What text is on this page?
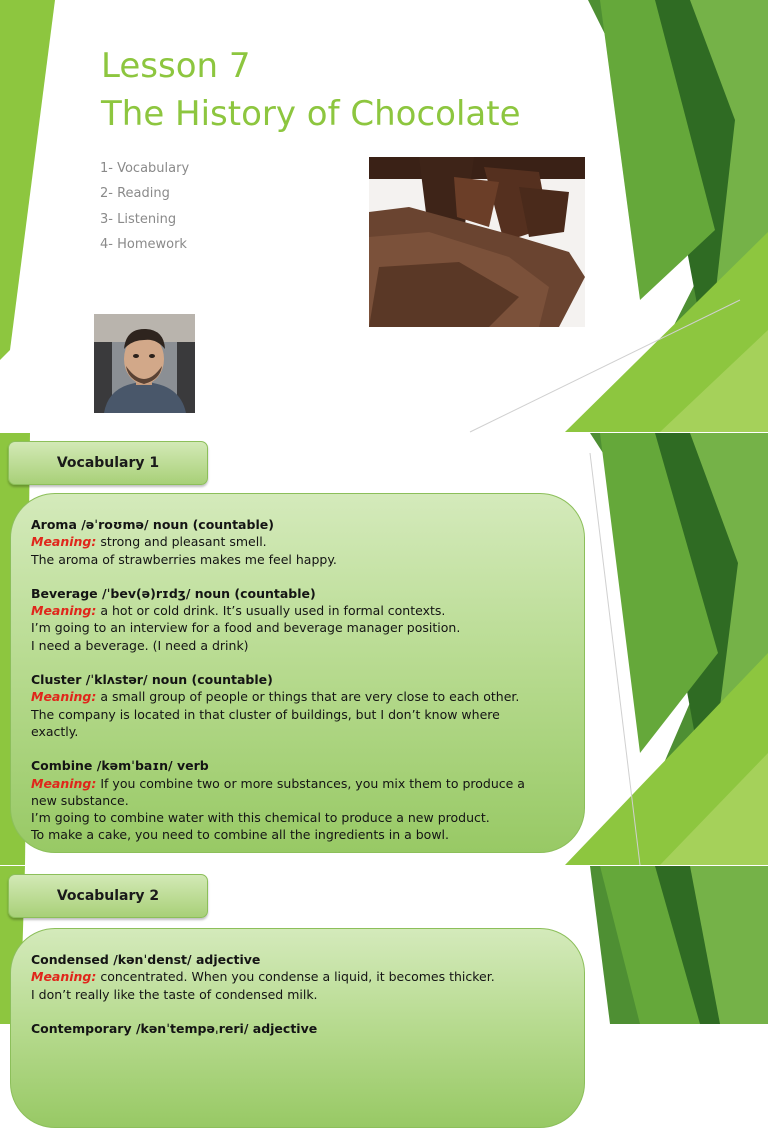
Lesson 7
The History of Chocolate
1- Vocabulary
2- Reading
3- Listening
4- Homework
Vocabulary 1
Aroma /əˈroʊmə/ noun (countable)
Meaning: strong and pleasant smell.
The aroma of strawberries makes me feel happy.
Beverage /ˈbev(ə)rɪdʒ/ noun (countable)
Meaning: a hot or cold drink. It’s usually used in formal contexts.
I’m going to an interview for a food and beverage manager position.
I need a beverage. (I need a drink)
Cluster /ˈklʌstər/ noun (countable)
Meaning: a small group of people or things that are very close to each other.
The company is located in that cluster of buildings, but I don’t know where
exactly.
Combine /kəmˈbaɪn/ verb
Meaning: If you combine two or more substances, you mix them to produce a
new substance.
I’m going to combine water with this chemical to produce a new product.
To make a cake, you need to combine all the ingredients in a bowl.
Vocabulary 2
Condensed /kənˈdenst/ adjective
Meaning: concentrated. When you condense a liquid, it becomes thicker.
I don’t really like the taste of condensed milk.
Contemporary /kənˈtempəˌreri/ adjective
